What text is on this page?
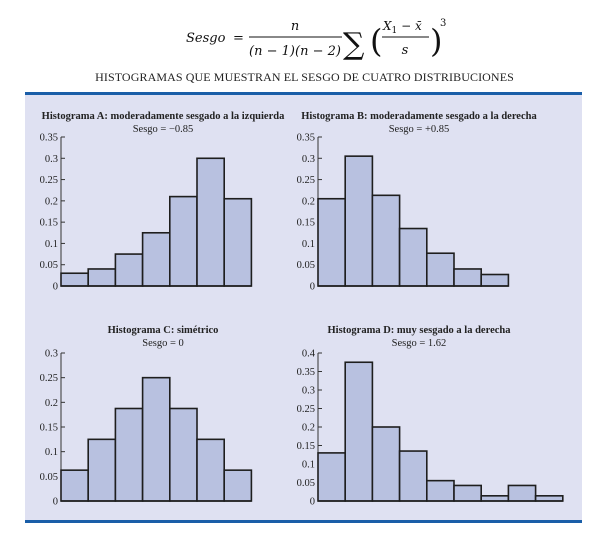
Sesgo =
n
(n − 1)(n − 2) ∑ ( $X_1$ − x̄
s )
3
HISTOGRAMAS QUE MUESTRAN EL SESGO DE CUATRO DISTRIBUCIONES
Histograma A: moderadamente sesgado a la izquierda
Sesgo = −0.85
0
0.05
0.1
0.15
0.2
0.25
0.3
0.35
Histograma B: moderadamente sesgado a la derecha
Sesgo = +0.85
0
0.05
0.1
0.15
0.2
0.25
0.3
0.35
Histograma C: simétrico
Sesgo = 0
0
0.05
0.1
0.15
0.2
0.25
0.3
Histograma D: muy sesgado a la derecha
Sesgo = 1.62
0
0.05
0.1
0.15
0.2
0.25
0.3
0.35
0.4
